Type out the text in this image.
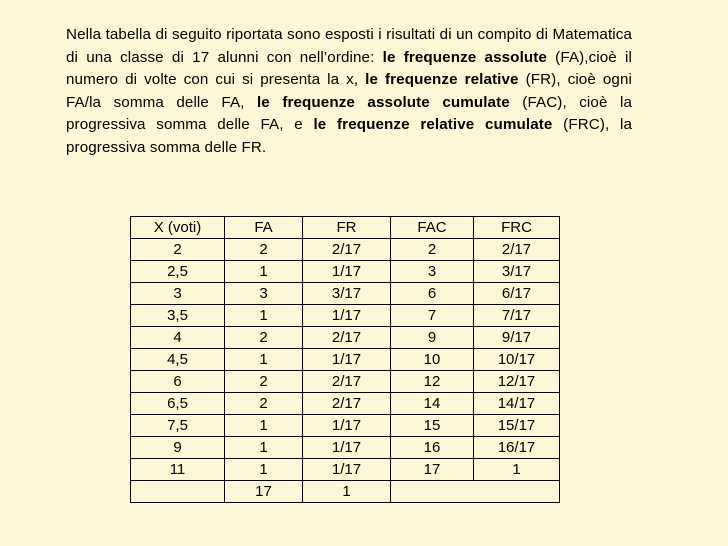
Nella tabella di seguito riportata sono esposti i risultati di un compito di Matematica di una classe di 17 alunni con nell’ordine: le frequenze assolute (FA),cioè il numero di volte con cui si presenta la x, le frequenze relative (FR), cioè ogni FA/la somma delle FA, le frequenze assolute cumulate (FAC), cioè la progressiva somma delle FA, e le frequenze relative cumulate (FRC), la progressiva somma delle FR.
X (voti)	FA	FR	FAC	FRC
2	2	2/17	2	2/17
2,5	1	1/17	3	3/17
3	3	3/17	6	6/17
3,5	1	1/17	7	7/17
4	2	2/17	9	9/17
4,5	1	1/17	10	10/17
6	2	2/17	12	12/17
6,5	2	2/17	14	14/17
7,5	1	1/17	15	15/17
9	1	1/17	16	16/17
11	1	1/17	17	1
	17	1		
